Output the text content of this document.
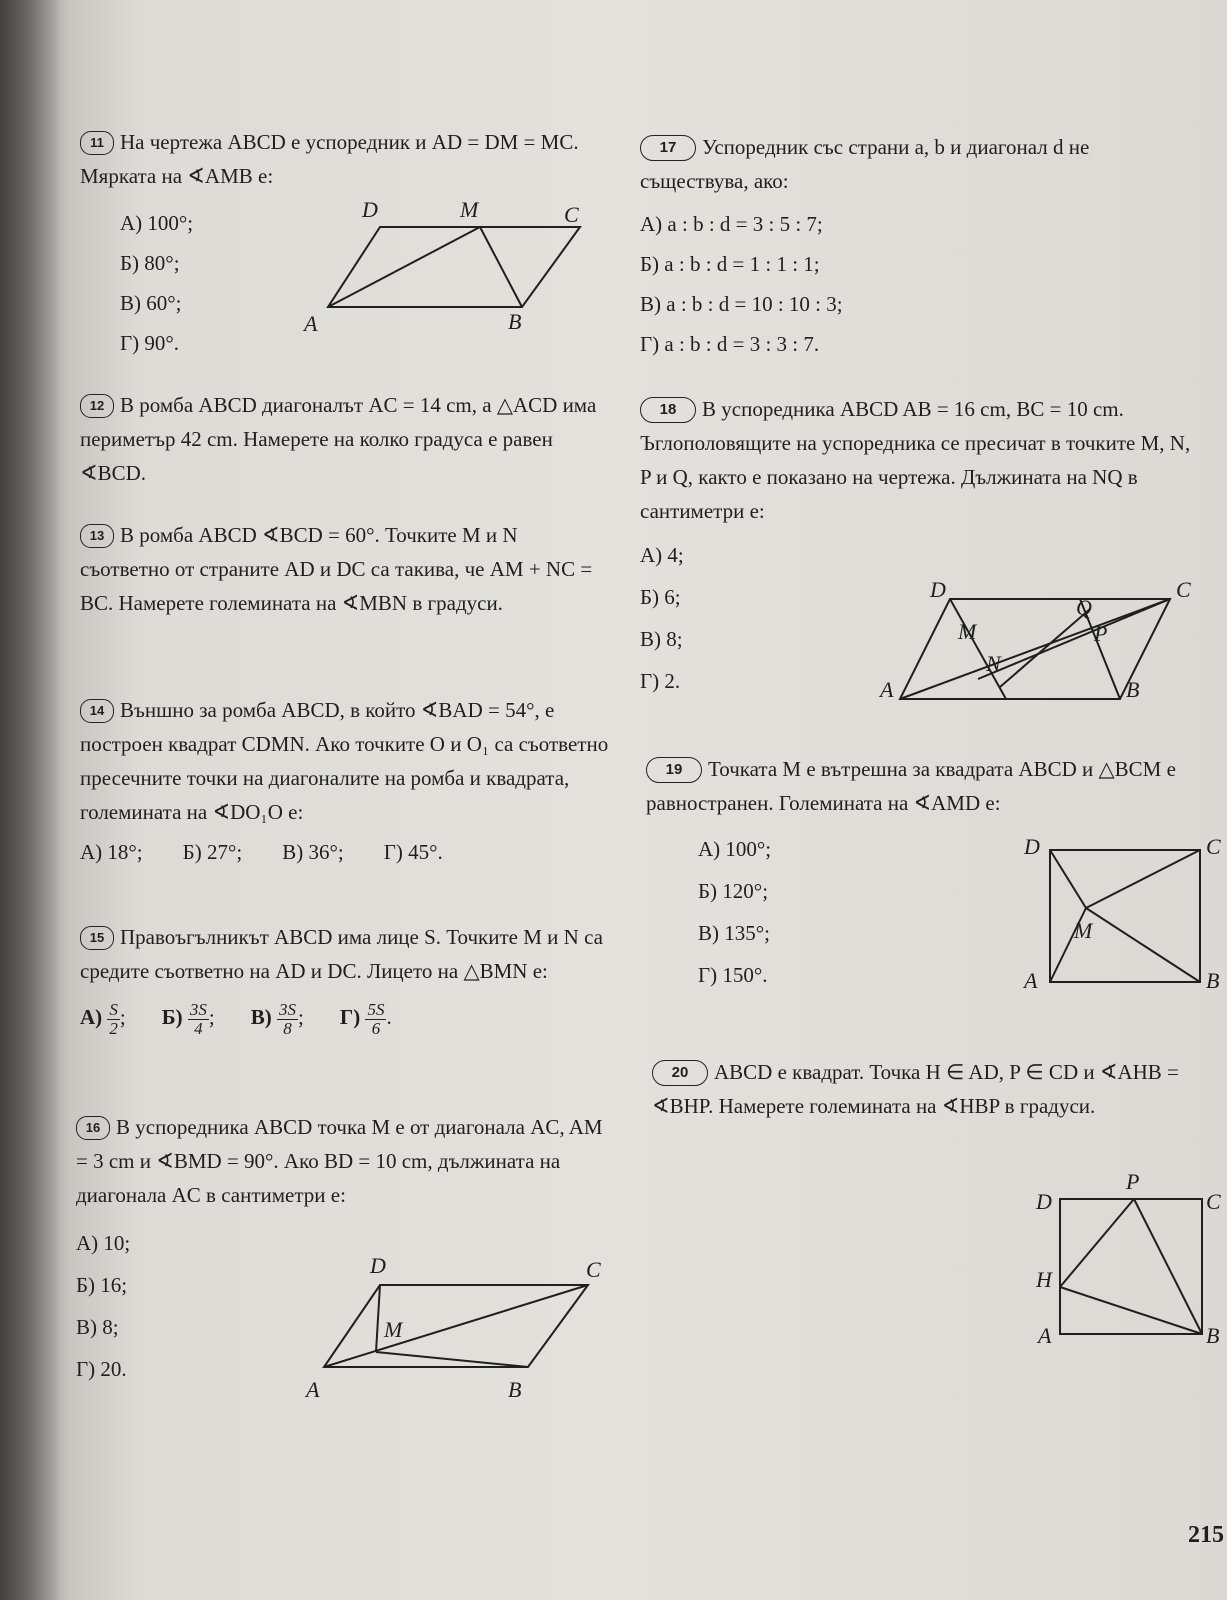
11 На чертежа ABCD е успоредник и AD = DM = MC. Мярката на ∢AMB е:
А) 100°;
Б) 80°;
В) 60°;
Г) 90°.
D	M	C
A	B
12 В ромба ABCD диагоналът AC = 14 cm, а △ACD има периметър 42 cm. Намерете на колко градуса е равен ∢BCD.
13 В ромба ABCD ∢BCD = 60°. Точките M и N съответно от страните AD и DC са такива, че AM + NC = BC. Намерете големината на ∢MBN в градуси.
14 Външно за ромба ABCD, в който ∢BAD = 54°, е построен квадрат CDMN. Ако точките O и O₁ са съответно пресечните точки на диагоналите на ромба и квадрата, големината на ∢DO₁O е:
А) 18°; Б) 27°; В) 36°; Г) 45°.
15 Правоъгълникът ABCD има лице S. Точките M и N са средите съответно на AD и DC. Лицето на △BMN е:
$А) \frac{S}{2}$ ; $Б) \frac{3S}{4}$ ; $В) \frac{3S}{8}$ ; $Г) \frac{5S}{6}$ .
16 В успоредника ABCD точка M е от диагонала AC, AM = 3 cm и ∢BMD = 90°. Ако BD = 10 cm, дължината на диагонала AC в сантиметри е:
А) 10;
Б) 16;
В) 8;
Г) 20.
D	C
M
A	B
17 Успоредник със страни a, b и диагонал d не съществува, ако:
А) a : b : d = 3 : 5 : 7;
Б) a : b : d = 1 : 1 : 1;
В) a : b : d = 10 : 10 : 3;
Г) a : b : d = 3 : 3 : 7.
18 В успоредника ABCD AB = 16 cm, BC = 10 cm. Ъглополовящите на успоредника се пресичат в точките M, N, P и Q, както е показано на чертежа. Дължината на NQ в сантиметри е:
А) 4;
Б) 6;
В) 8;
Г) 2.
D	C
Q
M	P
N
A	B
19 Точката M е вътрешна за квадрата ABCD и △BCM е равностранен. Големината на ∢AMD е:
А) 100°;
Б) 120°;
В) 135°;
Г) 150°.
D	C
M
A	B
20 ABCD е квадрат. Точка H ∈ AD, P ∈ CD и ∢AHB = ∢BHP. Намерете големината на ∢HBP в градуси.
P
D	C
H
A	B
215
